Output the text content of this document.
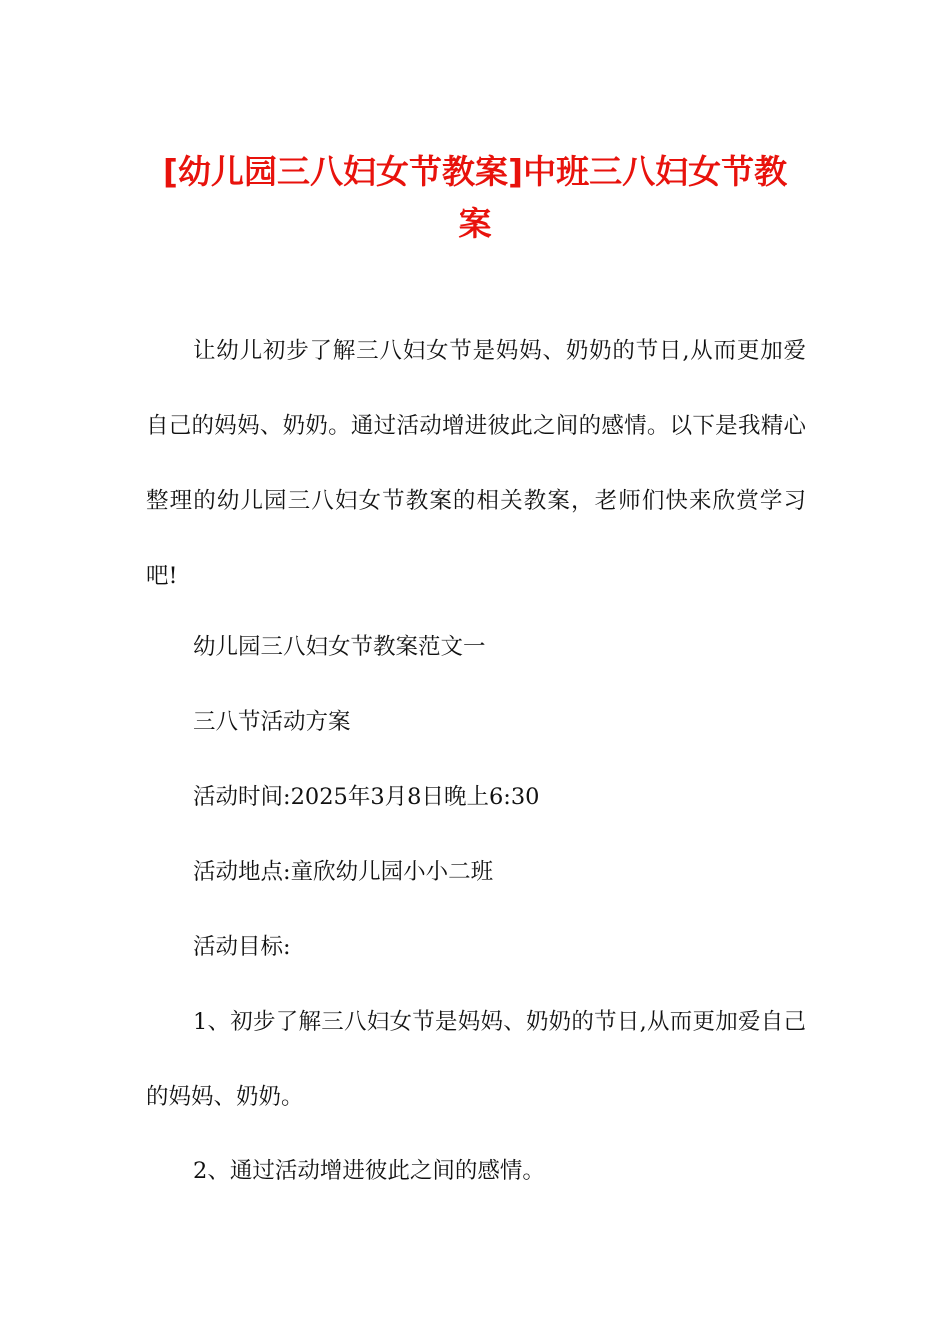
[幼儿园三八妇女节教案]中班三八妇女节教案

让幼儿初步了解三八妇女节是妈妈、奶奶的节日,从而更加爱自己的妈妈、奶奶。通过活动增进彼此之间的感情。以下是我精心整理的幼儿园三八妇女节教案的相关教案，老师们快来欣赏学习吧!

幼儿园三八妇女节教案范文一

三八节活动方案

活动时间:2025年3月8日晚上6:30

活动地点:童欣幼儿园小小二班

活动目标:

1、初步了解三八妇女节是妈妈、奶奶的节日,从而更加爱自己的妈妈、奶奶。

2、通过活动增进彼此之间的感情。
